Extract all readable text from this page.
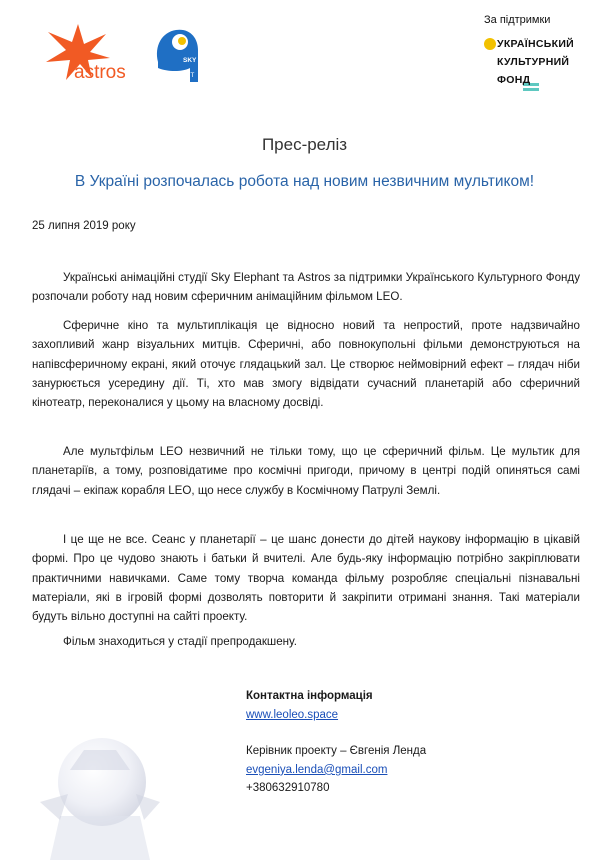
astros
SKY
ELEPHANT
За підтримки
УКРАЇНСЬКИЙ
КУЛЬТУРНИЙ
ФОНД
Прес-реліз
В Україні розпочалась робота над новим незвичним мультиком!
25 липня 2019 року

Українські анімаційні студії Sky Elephant та Astros за підтримки Українського Культурного Фонду розпочали роботу над новим сферичним анімаційним фільмом LEO.

Сферичне кіно та мультиплікація це відносно новий та непростий, проте надзвичайно захопливий жанр візуальних митців. Сферичні, або повнокупольні фільми демонструються на напівсферичному екрані, який оточує глядацький зал. Це створює неймовірний ефект – глядач ніби занурюється усередину дії. Ті, хто мав змогу відвідати сучасний планетарій або сферичний кінотеатр, переконалися у цьому на власному досвіді.

Але мультфільм LEO незвичний не тільки тому, що це сферичний фільм. Це мультик для планетаріїв, а тому, розповідатиме про космічні пригоди, причому в центрі подій опиняться самі глядачі – екіпаж корабля LEO, що несе службу в Космічному Патрулі Землі.

І це ще не все. Сеанс у планетарії – це шанс донести до дітей наукову інформацію в цікавій формі. Про це чудово знають і батьки й вчителі. Але будь-яку інформацію потрібно закріплювати практичними навичками. Саме тому творча команда фільму розробляє спеціальні пізнавальні матеріали, які в ігровій формі дозволять повторити й закріпити отримані знання. Такі матеріали будуть вільно доступні на сайті проекту.

Фільм знаходиться у стадії препродакшену.

Контактна інформація
www.leoleo.space
Керівник проекту – Євгенія Ленда
evgeniya.lenda@gmail.com
+380632910780
